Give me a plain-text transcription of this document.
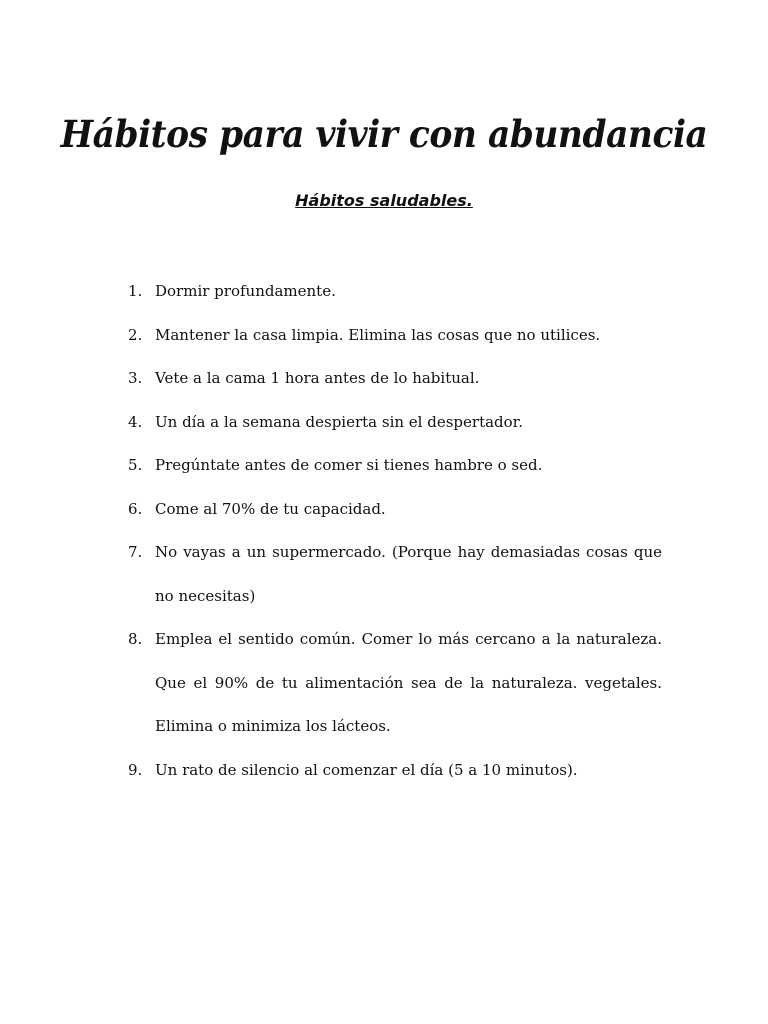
Hábitos para vivir con abundancia
Hábitos saludables.
1. Dormir profundamente.
2. Mantener la casa limpia. Elimina las cosas que no utilices.
3. Vete a la cama 1 hora antes de lo habitual.
4. Un día a la semana despierta sin el despertador.
5. Pregúntate antes de comer si tienes hambre o sed.
6. Come al 70% de tu capacidad.
7. No vayas a un supermercado. (Porque hay demasiadas cosas que no necesitas)
8. Emplea el sentido común. Comer lo más cercano a la naturaleza. Que el 90% de tu alimentación sea de la naturaleza. vegetales. Elimina o minimiza los lácteos.
9. Un rato de silencio al comenzar el día (5 a 10 minutos).
